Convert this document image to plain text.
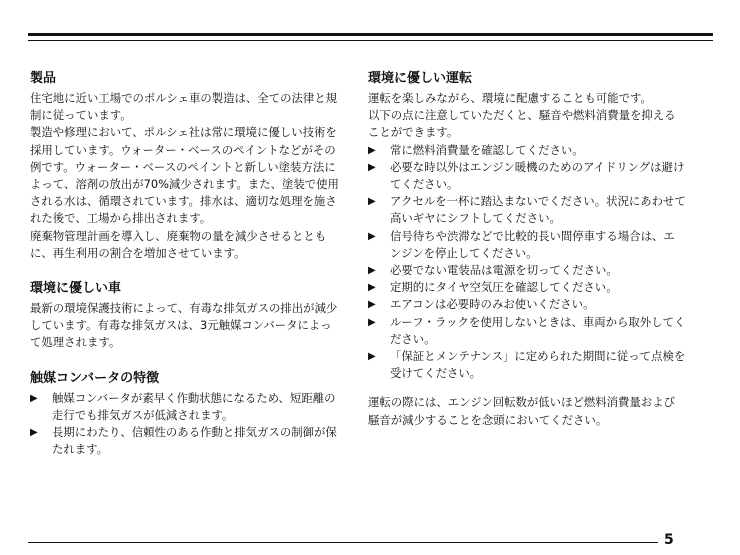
製品

住宅地に近い工場でのポルシェ車の製造は、全ての法律と規制に従っています。

製造や修理において、ポルシェ社は常に環境に優しい技術を採用しています。ウォーター・ベースのペイントなどがその例です。ウォーター・ベースのペイントと新しい塗装方法によって、溶剤の放出が70%減少されます。また、塗装で使用される水は、循環されています。排水は、適切な処理を施された後で、工場から排出されます。

廃棄物管理計画を導入し、廃棄物の量を減少させるとともに、再生利用の割合を増加させています。

環境に優しい車

最新の環境保護技術によって、有毒な排気ガスの排出が減少しています。有毒な排気ガスは、3元触媒コンバータによって処理されます。

触媒コンバータの特徴
▶ 触媒コンバータが素早く作動状態になるため、短距離の走行でも排気ガスが低減されます。
▶ 長期にわたり、信頼性のある作動と排気ガスの制御が保たれます。
環境に優しい運転

運転を楽しみながら、環境に配慮することも可能です。

以下の点に注意していただくと、騒音や燃料消費量を抑えることができます。

▶ 常に燃料消費量を確認してください。
▶ 必要な時以外はエンジン暖機のためのアイドリングは避けてください。
▶ アクセルを一杯に踏込まないでください。状況にあわせて高いギヤにシフトしてください。
▶ 信号待ちや渋滞などで比較的長い間停車する場合は、エンジンを停止してください。
▶ 必要でない電装品は電源を切ってください。
▶ 定期的にタイヤ空気圧を確認してください。
▶ エアコンは必要時のみお使いください。
▶ ルーフ・ラックを使用しないときは、車両から取外してください。
▶ 「保証とメンテナンス」に定められた期間に従って点検を受けてください。

運転の際には、エンジン回転数が低いほど燃料消費量および騒音が減少することを念頭においてください。

5
